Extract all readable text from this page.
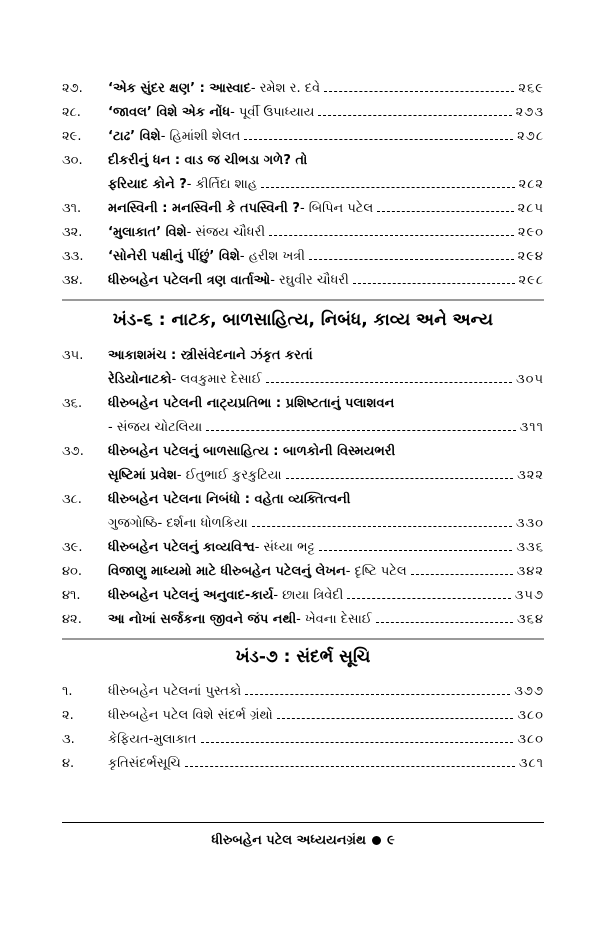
૨૭. ‘એક સુંદર ક્ષણ’ : આસ્વાદ - રમેશ ર. દવે	૨૬૯
૨૮. ‘જાવલ’ વિશે એક નોંધ - પૂર્વી ઉપાધ્યાય	૨૭૩
૨૯. ‘ટાઢ’ વિશે - હિમાંશી શેલત	૨૭૮
૩૦. દીકરીનું ધન : વાડ જ ચીભડા ગળે? તો
ફરિયાદ કોને ? - કીર્તિદા શાહ	૨૮૨
૩૧. મનસ્વિની : મનસ્વિની કે તપસ્વિની ? - બિપિન પટેલ	૨૮૫
૩૨. ‘મુલાકાત’ વિશે - સંજય ચૌધરી	૨૯૦
૩૩. ‘સોનેરી પક્ષીનું પીંછું’ વિશે - હરીશ ખત્રી	૨૯૪
૩૪. ધીરુબહેન પટેલની ત્રણ વાર્તાઓ - રઘુવીર ચૌધરી	૨૯૮
ખંડ-૬ : નાટક, બાળસાહિત્ય, નિબંધ, કાવ્ય અને અન્ય
૩૫. આકાશમંચ : સ્ત્રીસંવેદનાને ઝંકૃત કરતાં
રેડિયોનાટકો - લવકુમાર દેસાઈ	૩૦૫
૩૬. ધીરુબહેન પટેલની નાટ્યપ્રતિભા : પ્રશિષ્ટતાનું પલાશવન
- સંજય ચોટલિયા	૩૧૧
૩૭. ધીરુબહેન પટેલનું બાળસાહિત્ય : બાળકોની વિસ્મયભરી
સૃષ્ટિમાં પ્રવેશ - ઈતુભાઈ કુરકુટિયા	૩૨૨
૩૮. ધીરુબહેન પટેલના નિબંધો : વહેતા વ્યક્તિત્વની
ગુજગોષ્ઠિ - દર્શના ધોળકિયા	૩૩૦
૩૯. ધીરુબહેન પટેલનું કાવ્યવિશ્વ - સંધ્યા ભટ્ટ	૩૩૬
૪૦. વિજાણુ માધ્યમો માટે ધીરુબહેન પટેલનું લેખન - દૃષ્ટિ પટેલ	૩૪૨
૪૧. ધીરુબહેન પટેલનું અનુવાદ-કાર્ય - છાયા ત્રિવેદી	૩૫૭
૪૨. આ નોખાં સર્જકના જીવને જંપ નથી - ખેવના દેસાઈ	૩૬૪
ખંડ-૭ : સંદર્ભ સૂચિ
૧.	ધીરુબહેન પટેલનાં પુસ્તકો	૩૭૭
૨.	ધીરુબહેન પટેલ વિશે સંદર્ભ ગ્રંથો	૩૮૦
૩.	કેફિયત-મુલાકાત	૩૮૦
૪.	કૃતિસંદર્ભસૂચિ	૩૮૧
ધીરુબહેન પટેલ અધ્યયનગ્રંથ ૯
